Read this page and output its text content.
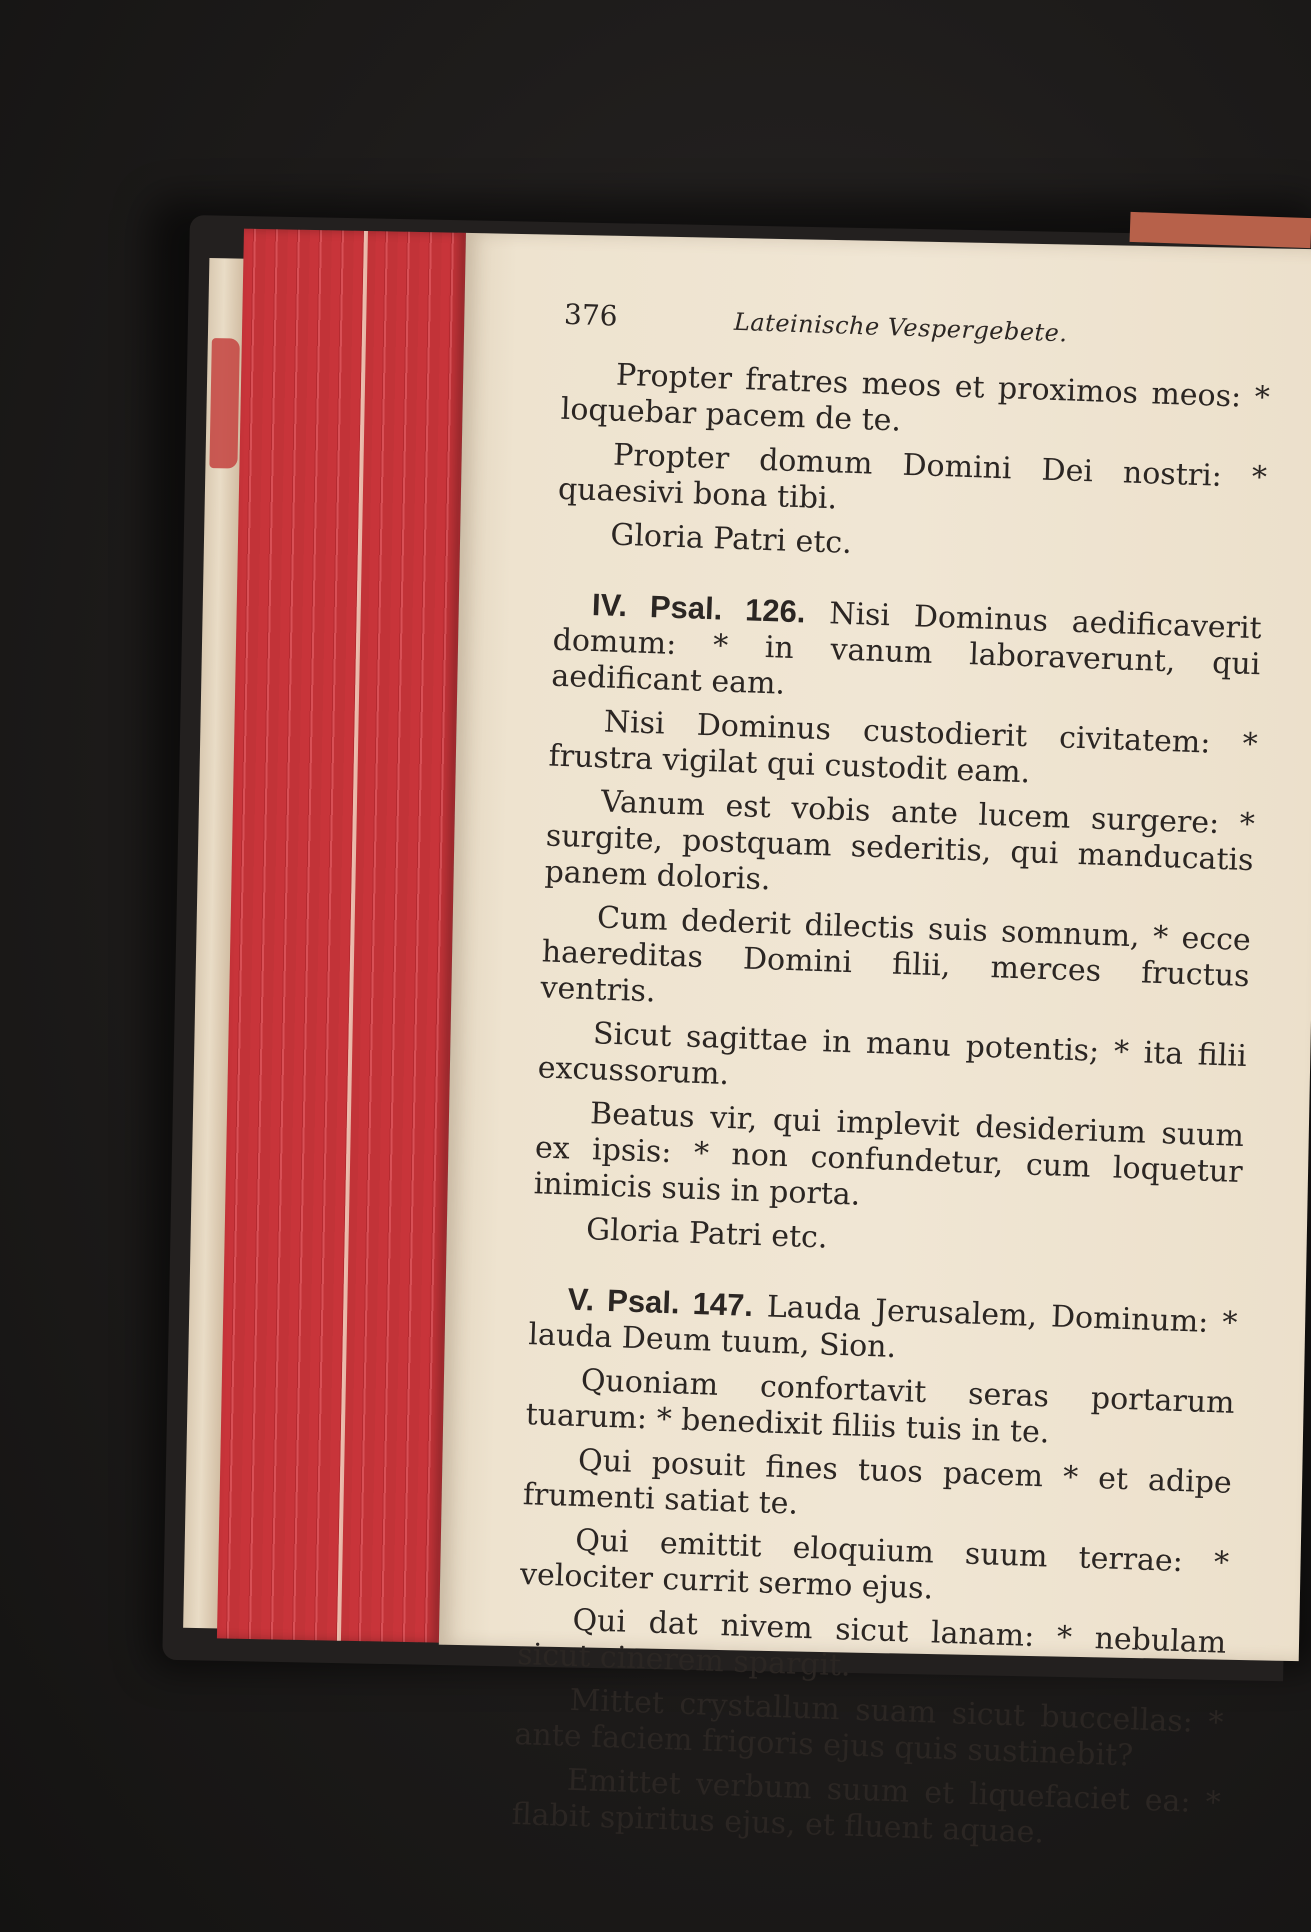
376	Lateinische Vespergebete.

Propter fratres meos et proximos meos: * loquebar pacem de te.

Propter domum Domini Dei nostri: * quaesivi bona tibi.

Gloria Patri etc.

IV. Psal. 126. Nisi Dominus aedificaverit domum: * in vanum laboraverunt, qui aedificant eam.

Nisi Dominus custodierit civitatem: * frustra vigilat qui custodit eam.

Vanum est vobis ante lucem surgere: * surgite, postquam sederitis, qui manducatis panem doloris.

Cum dederit dilectis suis somnum, * ecce haereditas Domini filii, merces fructus ventris.

Sicut sagittae in manu potentis; * ita filii excussorum.

Beatus vir, qui implevit desiderium suum ex ipsis: * non confundetur, cum loquetur inimicis suis in porta.

Gloria Patri etc.

V. Psal. 147. Lauda Jerusalem, Dominum: * lauda Deum tuum, Sion.

Quoniam confortavit seras portarum tuarum: * benedixit filiis tuis in te.

Qui posuit fines tuos pacem * et adipe frumenti satiat te.

Qui emittit eloquium suum terrae: * velociter currit sermo ejus.

Qui dat nivem sicut lanam: * nebulam sicut cinerem spargit.

Mittet crystallum suam sicut buccellas: * ante faciem frigoris ejus quis sustinebit?

Emittet verbum suum et liquefaciet ea: * flabit spiritus ejus, et fluent aquae.
